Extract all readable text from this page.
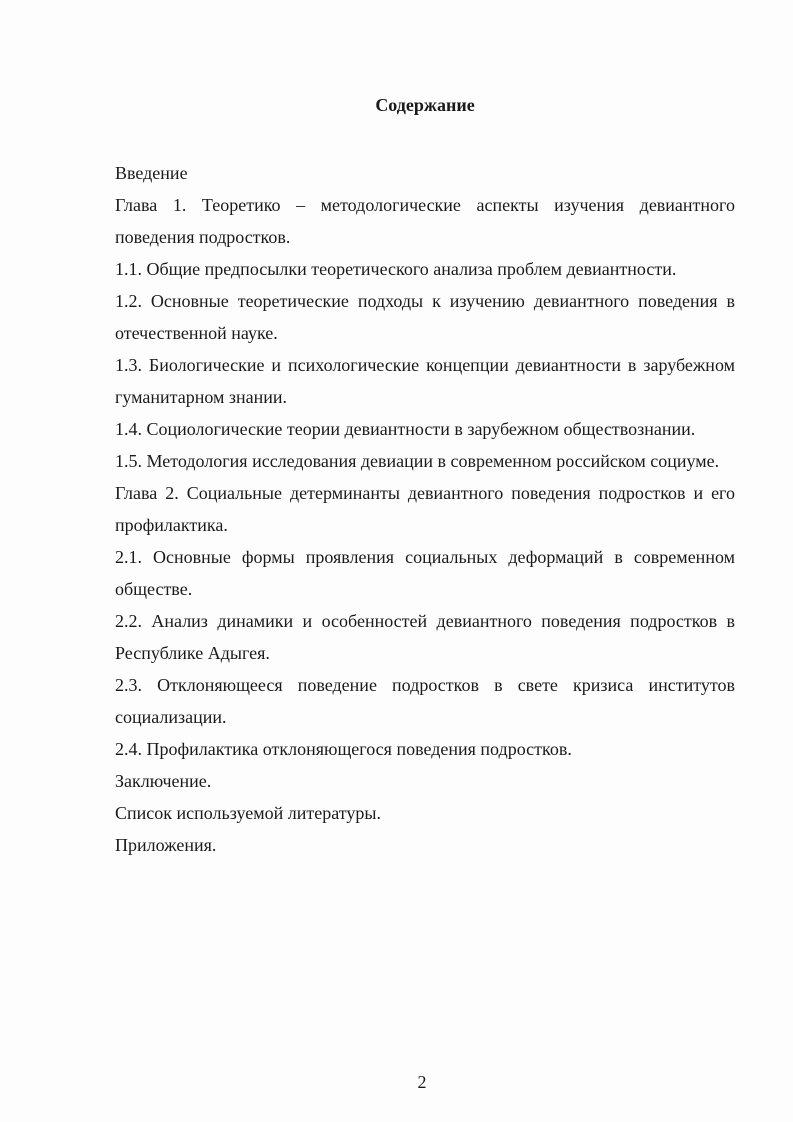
Содержание
Введение
Глава 1. Теоретико – методологические аспекты изучения девиантного поведения подростков.
1.1. Общие предпосылки теоретического анализа проблем девиантности.
1.2. Основные теоретические подходы к изучению девиантного поведения в отечественной науке.
1.3. Биологические и психологические концепции девиантности в зарубежном гуманитарном знании.
1.4. Социологические теории девиантности в зарубежном обществознании.
1.5. Методология исследования девиации в современном российском социуме.
Глава 2. Социальные детерминанты девиантного поведения подростков и его профилактика.
2.1. Основные формы проявления социальных деформаций в современном обществе.
2.2. Анализ динамики и особенностей девиантного поведения подростков в Республике Адыгея.
2.3. Отклоняющееся поведение подростков в свете кризиса институтов социализации.
2.4. Профилактика отклоняющегося поведения подростков.
Заключение.
Список используемой литературы.
Приложения.
2
